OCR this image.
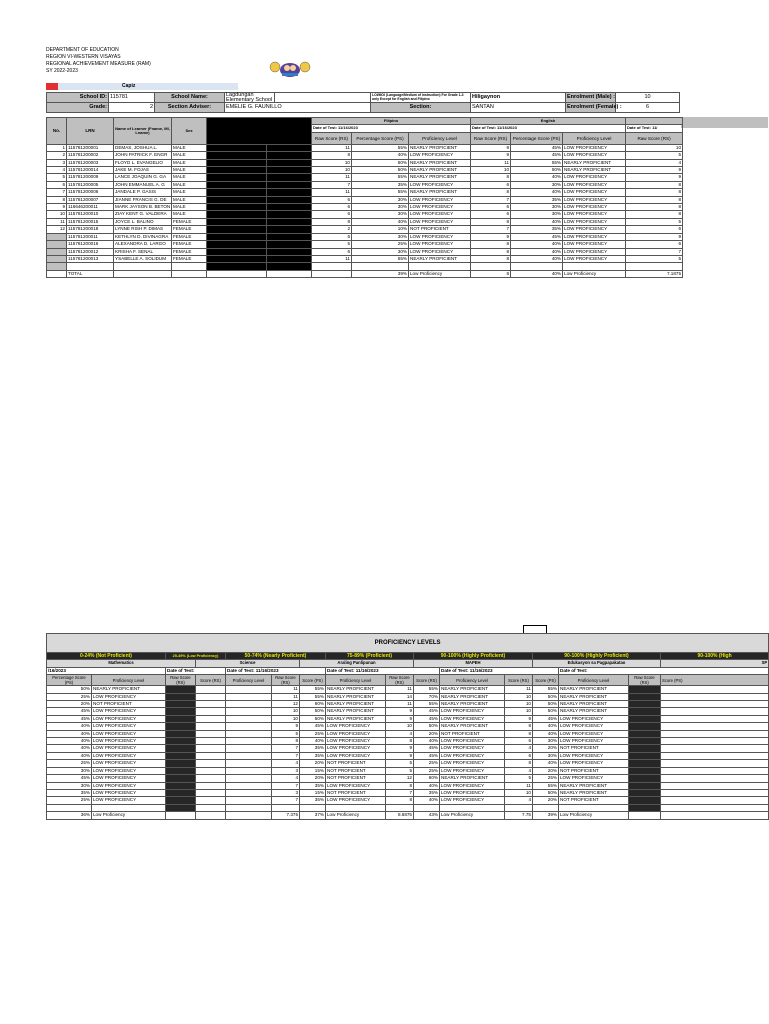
DEPARTMENT OF EDUCATION
REGION VI-WESTERN VISAYAS
REGIONAL ACHIEVEMENT MEASURE (RAM)
SY 2022-2023
Capiz
School ID:	115781	School Name:	Lagdungan Elementary School		LOI/MOI (Language/Medium of Instruction) For Grade 1-3 only Except for English and Filipino	Hiligaynon	Enrolment (Male) :	10
Grade:	2	Section Adviser:	EMELIE G. FAUNILLO		Section:	SANTAN	Enrolment (Female) :	6
No.	LRN	Name of Learner (Fname, MI, Lname)	Sex			Filipino			English			
						Date of Test: 11/16/2023			Date of Test: 11/16/2023			Date of Test: 11/
						Raw Score (RS)	Percentage Score (PS)	Proficiency Level	Raw Score (RS)	Percentage Score (PS)	Proficiency Level	Raw Score (RS)
1	115781200001	DEMAS, JOSHUA L.	MALE			11	55%	NEARLY PROFICIENT	9	45%	LOW PROFICIENCY	10
2	115781200002	JOHN PATRICK F. ENGR	MALE			8	40%	LOW PROFICIENCY	9	45%	LOW PROFICIENCY	5
3	115781200003	FLOYD L. EVANGELIO	MALE			10	50%	NEARLY PROFICIENT	11	55%	NEARLY PROFICIENT	4
4	115781200014	JAKE M. FOJAS	MALE			10	50%	NEARLY PROFICIENT	10	50%	NEARLY PROFICIENT	9
5	115781200009	LANCE JOAQUIN G. GA	MALE			11	55%	NEARLY PROFICIENT	8	40%	LOW PROFICIENCY	9
6	115781200005	JOHN EMMANUEL A. G	MALE			7	35%	LOW PROFICIENCY	6	30%	LOW PROFICIENCY	8
7	115781200006	JANDALE P. GASIS	MALE			11	55%	NEARLY PROFICIENT	8	40%	LOW PROFICIENCY	8
8	115781200007	JIANNE FRANCIS G. DE	MALE			6	30%	LOW PROFICIENCY	7	35%	LOW PROFICIENCY	8
9	116646200011	MARK JAYSON B. BETON	MALE			6	30%	LOW PROFICIENCY	6	30%	LOW PROFICIENCY	8
10	115781200010	ZIAY KENT G. VALDERA	MALE			6	30%	LOW PROFICIENCY	6	30%	LOW PROFICIENCY	8
11	115781200015	JOYCE L. BALINO	FEMALE			8	40%	LOW PROFICIENCY	8	40%	LOW PROFICIENCY	5
12	115781200018	LYNNE RISH P. DIMAS	FEMALE			2	10%	NOT PROFICIENT	7	35%	LOW PROFICIENCY	6
	115781200011	KETHLYN D. DIVINAGRA	FEMALE			6	30%	LOW PROFICIENCY	9	45%	LOW PROFICIENCY	9
	115781200016	ALEXANDRA D. LARGO	FEMALE			5	25%	LOW PROFICIENCY	8	40%	LOW PROFICIENCY	6
	115781200012	KRISHA F. SENAL	FEMALE			6	30%	LOW PROFICIENCY	8	40%	LOW PROFICIENCY	7
	115781200013	YSABELLE A. SOLIDUM	FEMALE			11	55%	NEARLY PROFICIENT	8	40%	LOW PROFICIENCY	5

	TOTAL						39%	Low Proficiency	8	40%	Low Proficiency	7.1875
PROFICIENCY LEVELS															
0-24% (Not Proficient)		25-49% (Low Proficiency)		50-74% (Nearly Proficient)			75-89% (Proficient)		90-100% (Highly Proficient)			90-100% (Highly Proficient)			90-100% (High
Mathematics			Science			Araling Panlipunan			MAPEH			Edukasyon sa Pagpapakatao			SP
/16/2023		Date of Test:		Date of Test: 11/16/2023			Date of Test: 11/16/2023			Date of Test: 11/16/2023			Date of Test:		
Percentage Score (PS)	Proficiency Level	Raw Score (RS)	Score (RS)	Proficiency Level	Raw Score (RS)	Score (PS)	Proficiency Level	Raw Score (RS)	Score (RS)	Proficiency Level	Score (RS)	Score (PS)	Proficiency Level	Raw Score (RS)	Score (PS)
50%	NEARLY PROFICIENT				11	55%	NEARLY PROFICIENT	11	55%	NEARLY PROFICIENT	11	55%	NEARLY PROFICIENT		
25%	LOW PROFICIENCY				11	55%	NEARLY PROFICIENT	14	70%	NEARLY PROFICIENT	10	50%	NEARLY PROFICIENT		
20%	NOT PROFICIENT				12	60%	NEARLY PROFICIENT	11	55%	NEARLY PROFICIENT	10	50%	NEARLY PROFICIENT		
45%	LOW PROFICIENCY				10	50%	NEARLY PROFICIENT	9	45%	LOW PROFICIENCY	10	50%	NEARLY PROFICIENT		
45%	LOW PROFICIENCY				10	50%	NEARLY PROFICIENT	9	45%	LOW PROFICIENCY	9	45%	LOW PROFICIENCY		
40%	LOW PROFICIENCY				9	45%	LOW PROFICIENCY	10	50%	NEARLY PROFICIENT	8	40%	LOW PROFICIENCY		
40%	LOW PROFICIENCY				5	25%	LOW PROFICIENCY	4	20%	NOT PROFICIENT	8	40%	LOW PROFICIENCY		
40%	LOW PROFICIENCY				8	40%	LOW PROFICIENCY	8	40%	LOW PROFICIENCY	6	30%	LOW PROFICIENCY		
40%	LOW PROFICIENCY				7	35%	LOW PROFICIENCY	9	45%	LOW PROFICIENCY	4	20%	NOT PROFICIENT		
40%	LOW PROFICIENCY				7	35%	LOW PROFICIENCY	9	45%	LOW PROFICIENCY	6	30%	LOW PROFICIENCY		
25%	LOW PROFICIENCY				4	20%	NOT PROFICIENT	5	25%	LOW PROFICIENCY	8	40%	LOW PROFICIENCY		
30%	LOW PROFICIENCY				3	15%	NOT PROFICIENT	5	25%	LOW PROFICIENCY	4	20%	NOT PROFICIENT		
45%	LOW PROFICIENCY				4	20%	NOT PROFICIENT	12	60%	NEARLY PROFICIENT	5	25%	LOW PROFICIENCY		
30%	LOW PROFICIENCY				7	35%	LOW PROFICIENCY	8	40%	LOW PROFICIENCY	11	55%	NEARLY PROFICIENT		
35%	LOW PROFICIENCY				3	15%	NOT PROFICIENT	7	35%	LOW PROFICIENCY	10	50%	NEARLY PROFICIENT		
25%	LOW PROFICIENCY				7	35%	LOW PROFICIENCY	8	40%	LOW PROFICIENCY	4	20%	NOT PROFICIENT		

36%	Low Proficiency				7.375	37%	Low Proficiency	8.6875	43%	Low Proficiency	7.75	39%	Low Proficiency		
